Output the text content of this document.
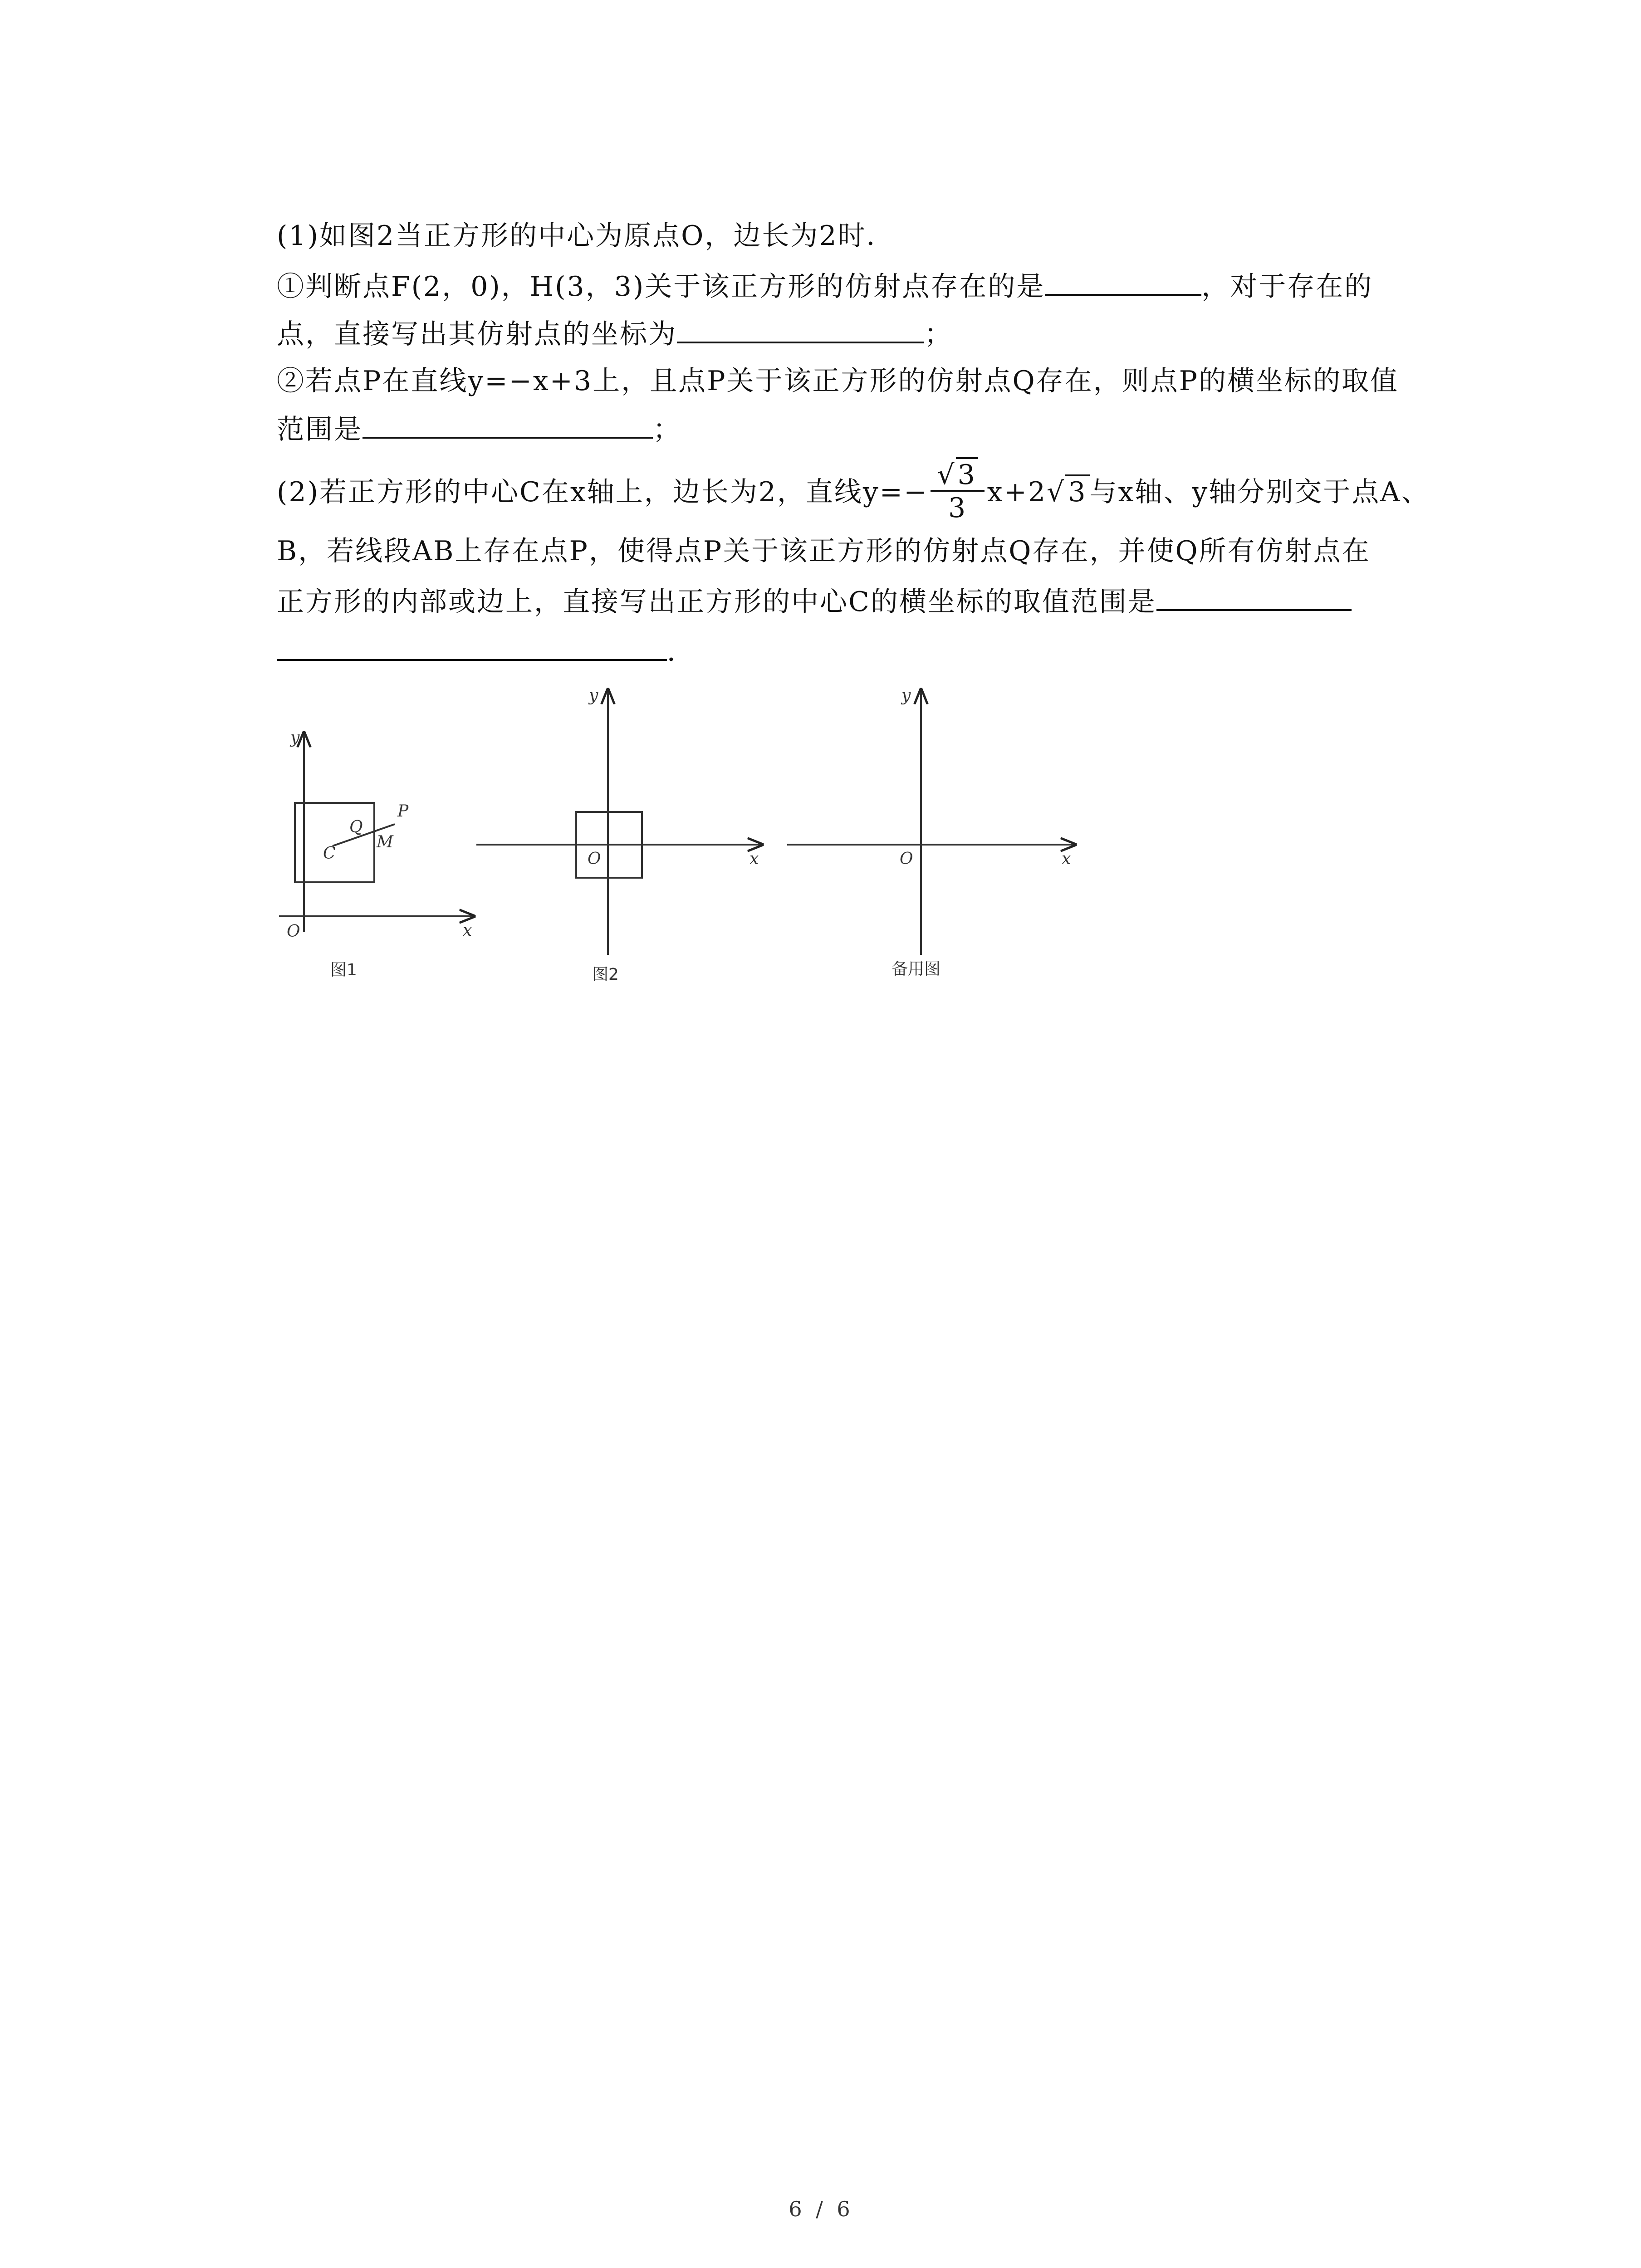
(1)如图2当正方形的中心为原点O，边长为2时．
①判断点F(2，0)，H(3，3)关于该正方形的仿射点存在的是	，对于存在的
点，直接写出其仿射点的坐标为	；
②若点P在直线y=−x+3上，且点P关于该正方形的仿射点Q存在，则点P的横坐标的取值
范围是	；
(2)若正方形的中心C在x轴上，边长为2，直线$y=- \frac{√3}{3} x+2√$ 3 与x轴、y轴分别交于点A、
B，若线段AB上存在点P，使得点P关于该正方形的仿射点Q存在，并使Q所有仿射点在
正方形的内部或边上，直接写出正方形的中心C的横坐标的取值范围是
．
y
x
O
P
Q
M
C
y
x
O
y
x
O
图1	图2	备用图
6 / 6
